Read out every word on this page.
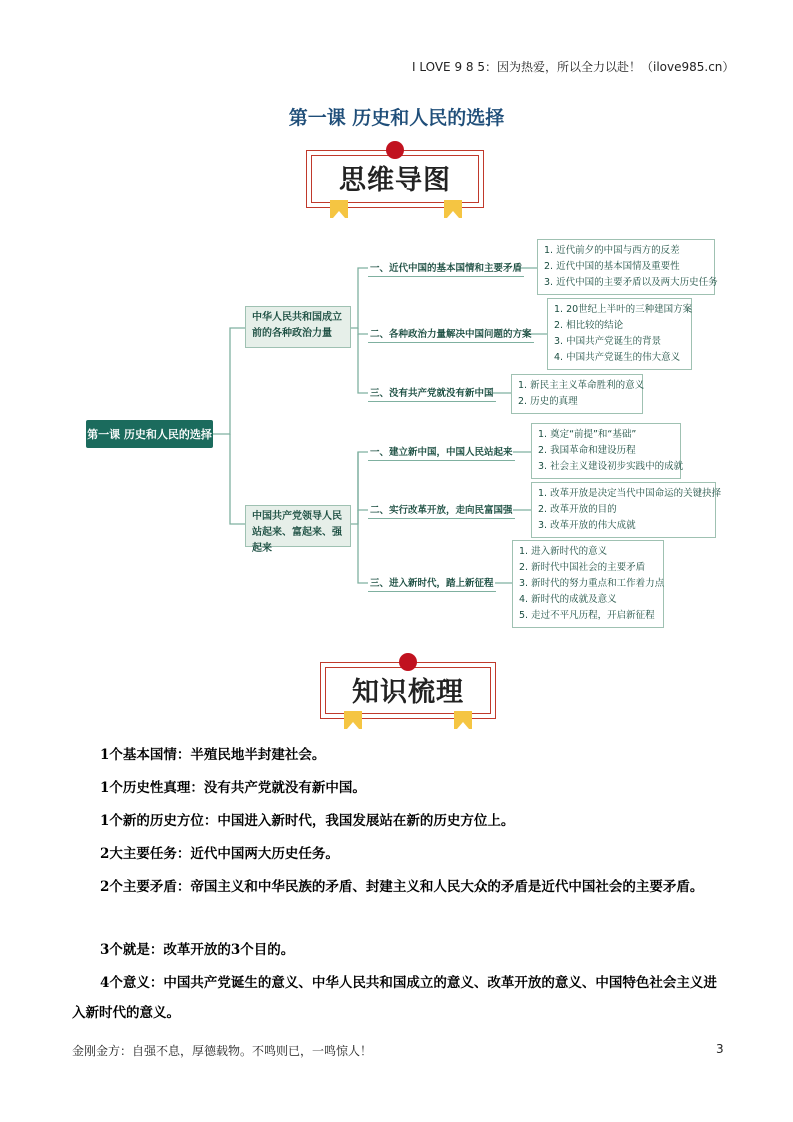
I LOVE 9 8 5：因为热爱，所以全力以赴！（ilove985.cn）
第一课 历史和人民的选择
思维导图
第一课 历史和人民的选择
中华人民共和国成立前的各种政治力量
中国共产党领导人民站起来、富起来、强起来
一、近代中国的基本国情和主要矛盾
二、各种政治力量解决中国问题的方案
三、没有共产党就没有新中国
一、建立新中国，中国人民站起来
二、实行改革开放，走向民富国强
三、进入新时代，踏上新征程
1. 近代前夕的中国与西方的反差
2. 近代中国的基本国情及重要性
3. 近代中国的主要矛盾以及两大历史任务
1. 20世纪上半叶的三种建国方案
2. 相比较的结论
3. 中国共产党诞生的背景
4. 中国共产党诞生的伟大意义
1. 新民主主义革命胜利的意义
2. 历史的真理
1. 奠定“前提”和“基础”
2. 我国革命和建设历程
3. 社会主义建设初步实践中的成就
1. 改革开放是决定当代中国命运的关键抉择
2. 改革开放的目的
3. 改革开放的伟大成就
1. 进入新时代的意义
2. 新时代中国社会的主要矛盾
3. 新时代的努力重点和工作着力点
4. 新时代的成就及意义
5. 走过不平凡历程，开启新征程
知识梳理
1个基本国情：半殖民地半封建社会。
1个历史性真理：没有共产党就没有新中国。
1个新的历史方位：中国进入新时代，我国发展站在新的历史方位上。
2大主要任务：近代中国两大历史任务。
2个主要矛盾：帝国主义和中华民族的矛盾、封建主义和人民大众的矛盾是近代中国社会的主要矛盾。
3个就是：改革开放的3个目的。
4个意义：中国共产党诞生的意义、中华人民共和国成立的意义、改革开放的意义、中国特色社会主义进入新时代的意义。
金刚金方：自强不息，厚德载物。不鸣则已，一鸣惊人！	3
